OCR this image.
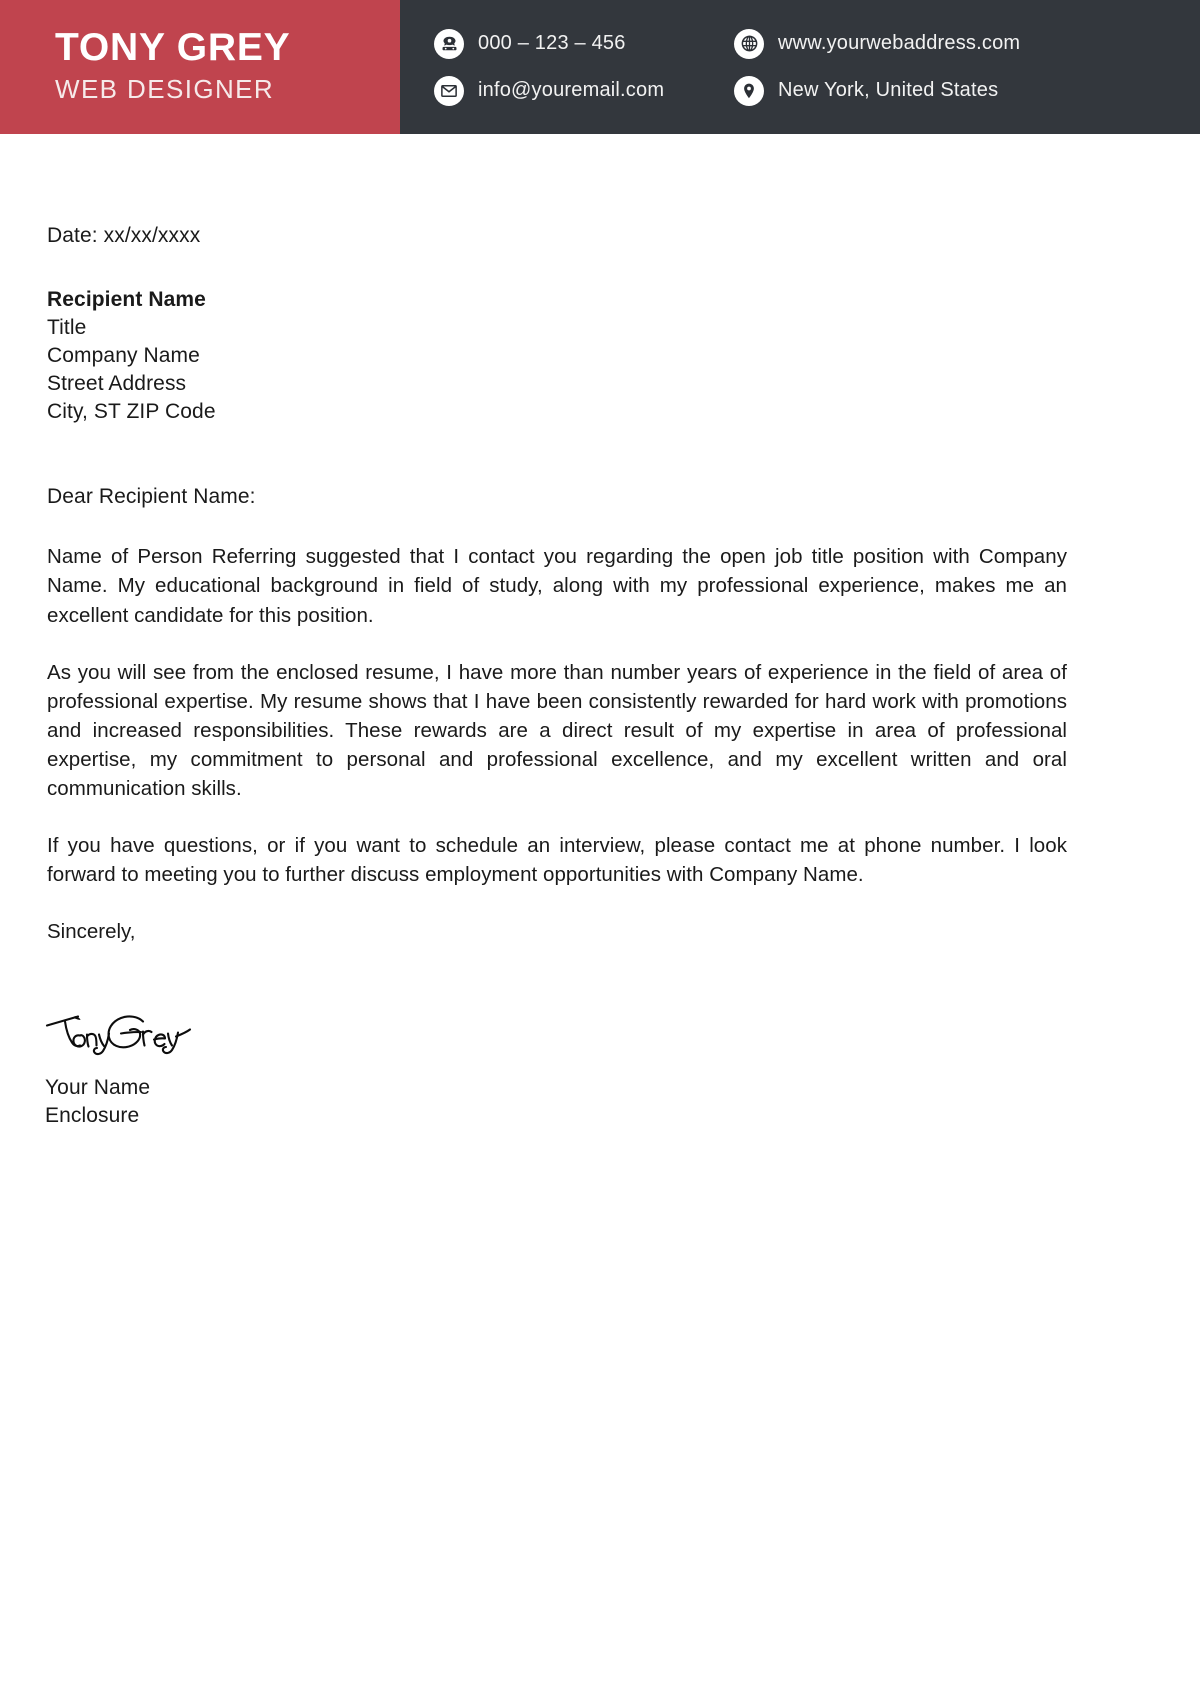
TONY GREY
WEB DESIGNER
000 – 123 – 456
info@youremail.com
www.yourwebaddress.com
New York, United States
Date: xx/xx/xxxx
Recipient Name
Title
Company Name
Street Address
City, ST ZIP Code
Dear Recipient Name:

Name of Person Referring suggested that I contact you regarding the open job title position with Company Name. My educational background in field of study, along with my professional experience, makes me an excellent candidate for this position.

As you will see from the enclosed resume, I have more than number years of experience in the field of area of professional expertise. My resume shows that I have been consistently rewarded for hard work with promotions and increased responsibilities. These rewards are a direct result of my expertise in area of professional expertise, my commitment to personal and professional excellence, and my excellent written and oral communication skills.

If you have questions, or if you want to schedule an interview, please contact me at phone number. I look forward to meeting you to further discuss employment opportunities with Company Name.

Sincerely,

Your Name
Enclosure
